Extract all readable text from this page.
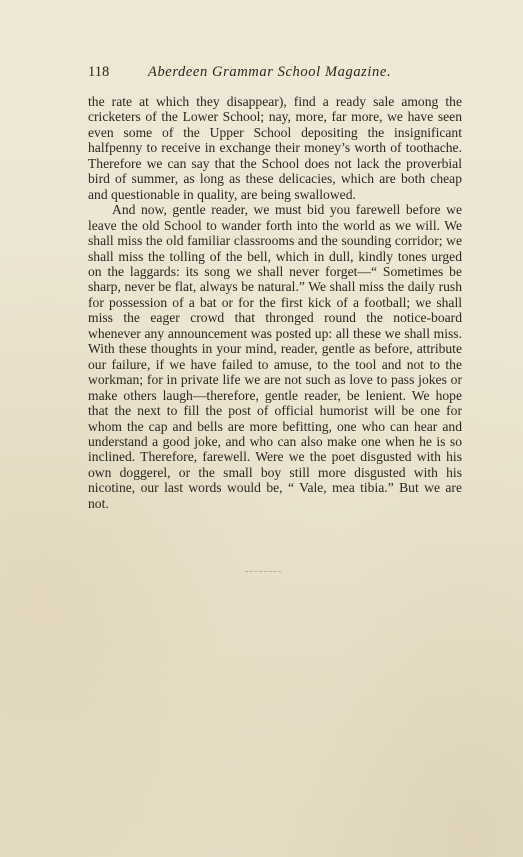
118	Aberdeen Grammar School Magazine.

the rate at which they disappear), find a ready sale among the cricketers of the Lower School; nay, more, far more, we have seen even some of the Upper School depositing the insignificant halfpenny to receive in exchange their money’s worth of toothache. Therefore we can say that the School does not lack the proverbial bird of summer, as long as these delicacies, which are both cheap and questionable in quality, are being swallowed.

And now, gentle reader, we must bid you farewell before we leave the old School to wander forth into the world as we will. We shall miss the old familiar classrooms and the sounding corridor; we shall miss the tolling of the bell, which in dull, kindly tones urged on the laggards: its song we shall never forget—“ Sometimes be sharp, never be flat, always be natural.” We shall miss the daily rush for possession of a bat or for the first kick of a football; we shall miss the eager crowd that thronged round the notice-board whenever any announcement was posted up: all these we shall miss. With these thoughts in your mind, reader, gentle as before, attribute our failure, if we have failed to amuse, to the tool and not to the workman; for in private life we are not such as love to pass jokes or make others laugh—therefore, gentle reader, be lenient. We hope that the next to fill the post of official humorist will be one for whom the cap and bells are more befitting, one who can hear and understand a good joke, and who can also make one when he is so inclined. Therefore, farewell. Were we the poet disgusted with his own doggerel, or the small boy still more disgusted with his nicotine, our last words would be, “ Vale, mea tibia.” But we are not.
